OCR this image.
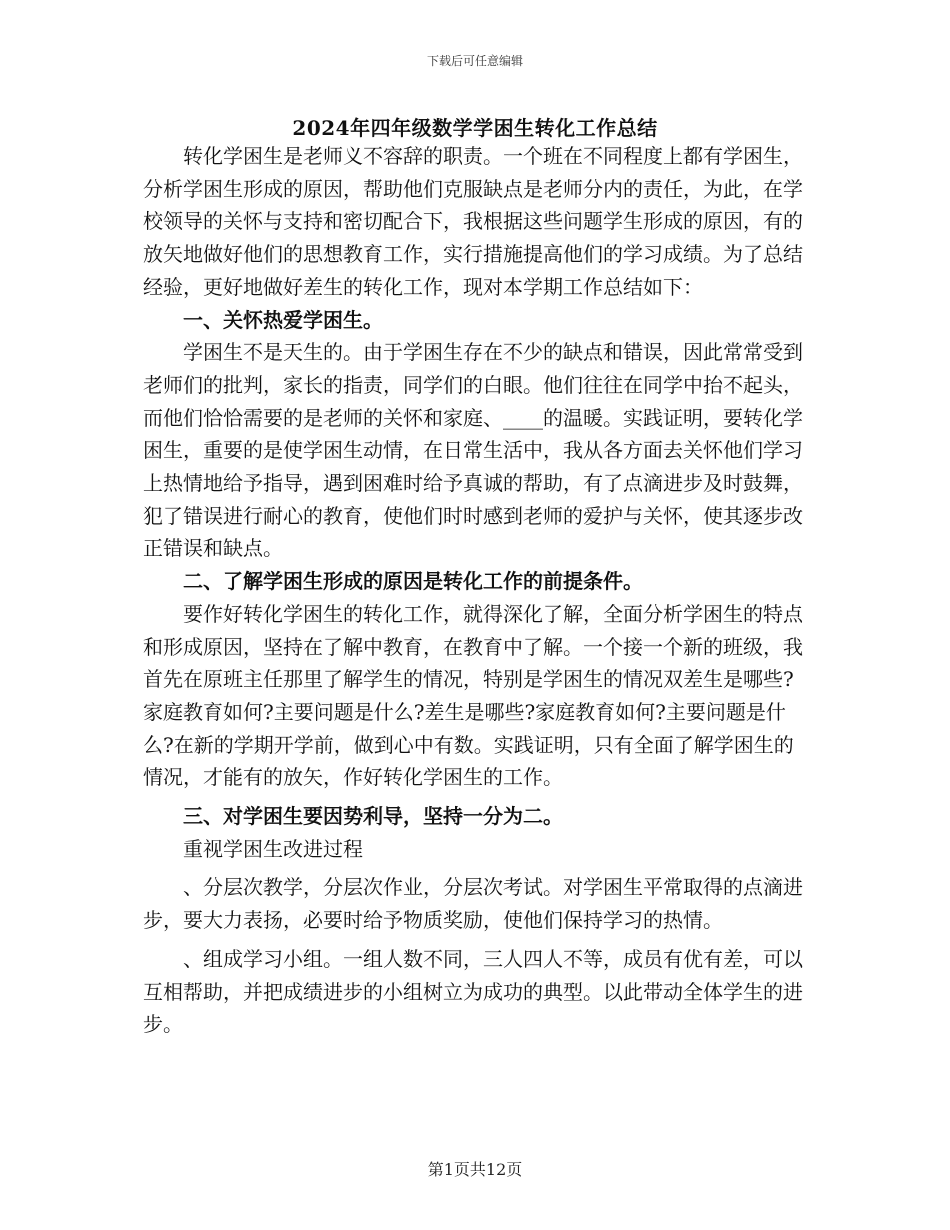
下载后可任意编辑
2024年四年级数学学困生转化工作总结

转化学困生是老师义不容辞的职责。一个班在不同程度上都有学困生，分析学困生形成的原因，帮助他们克服缺点是老师分内的责任，为此，在学校领导的关怀与支持和密切配合下，我根据这些问题学生形成的原因，有的放矢地做好他们的思想教育工作，实行措施提高他们的学习成绩。为了总结经验，更好地做好差生的转化工作，现对本学期工作总结如下：

一、关怀热爱学困生。

学困生不是天生的。由于学困生存在不少的缺点和错误，因此常常受到老师们的批判，家长的指责，同学们的白眼。他们往往在同学中抬不起头，而他们恰恰需要的是老师的关怀和家庭、____的温暖。实践证明，要转化学困生，重要的是使学困生动情，在日常生活中，我从各方面去关怀他们学习上热情地给予指导，遇到困难时给予真诚的帮助，有了点滴进步及时鼓舞，犯了错误进行耐心的教育，使他们时时感到老师的爱护与关怀，使其逐步改正错误和缺点。

二、了解学困生形成的原因是转化工作的前提条件。

要作好转化学困生的转化工作，就得深化了解，全面分析学困生的特点和形成原因，坚持在了解中教育，在教育中了解。一个接一个新的班级，我首先在原班主任那里了解学生的情况，特别是学困生的情况双差生是哪些?家庭教育如何?主要问题是什么?差生是哪些?家庭教育如何?主要问题是什么?在新的学期开学前，做到心中有数。实践证明，只有全面了解学困生的情况，才能有的放矢，作好转化学困生的工作。

三、对学困生要因势利导，坚持一分为二。

重视学困生改进过程

、分层次教学，分层次作业，分层次考试。对学困生平常取得的点滴进步，要大力表扬，必要时给予物质奖励，使他们保持学习的热情。

、组成学习小组。一组人数不同，三人四人不等，成员有优有差，可以互相帮助，并把成绩进步的小组树立为成功的典型。以此带动全体学生的进步。

第1页共12页
